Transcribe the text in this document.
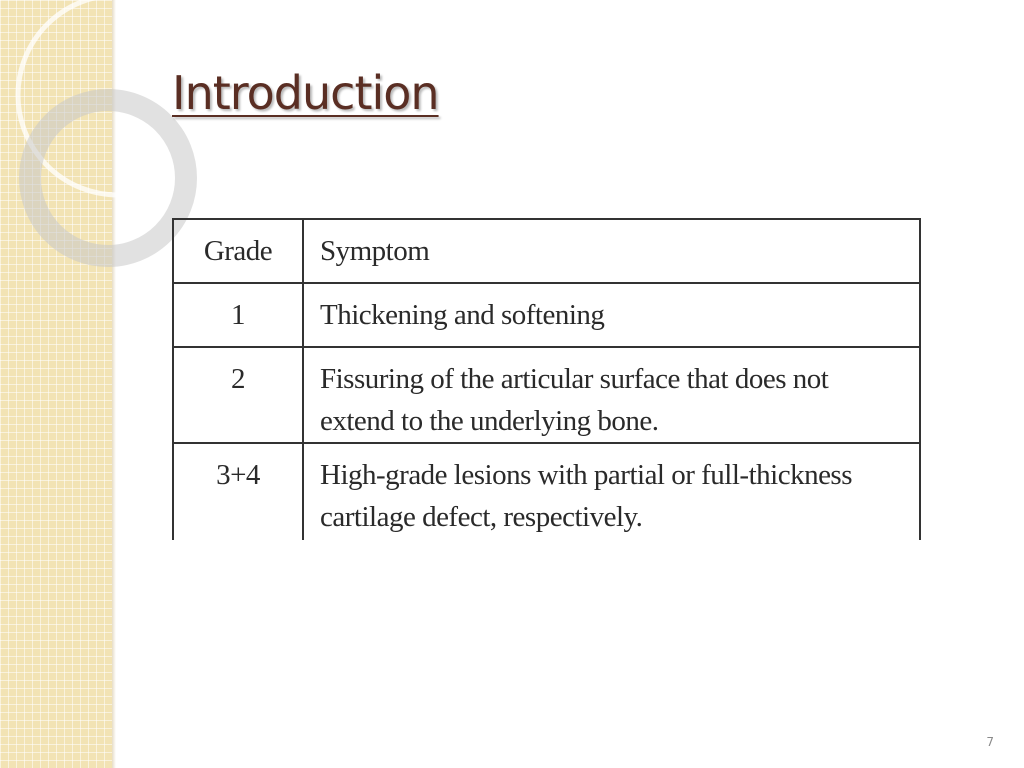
Introduction
Grade	Symptom
1	Thickening and softening
2	Fissuring of the articular surface that does not extend to the underlying bone.
3+4	High-grade lesions with partial or full-thickness cartilage defect, respectively.
7
